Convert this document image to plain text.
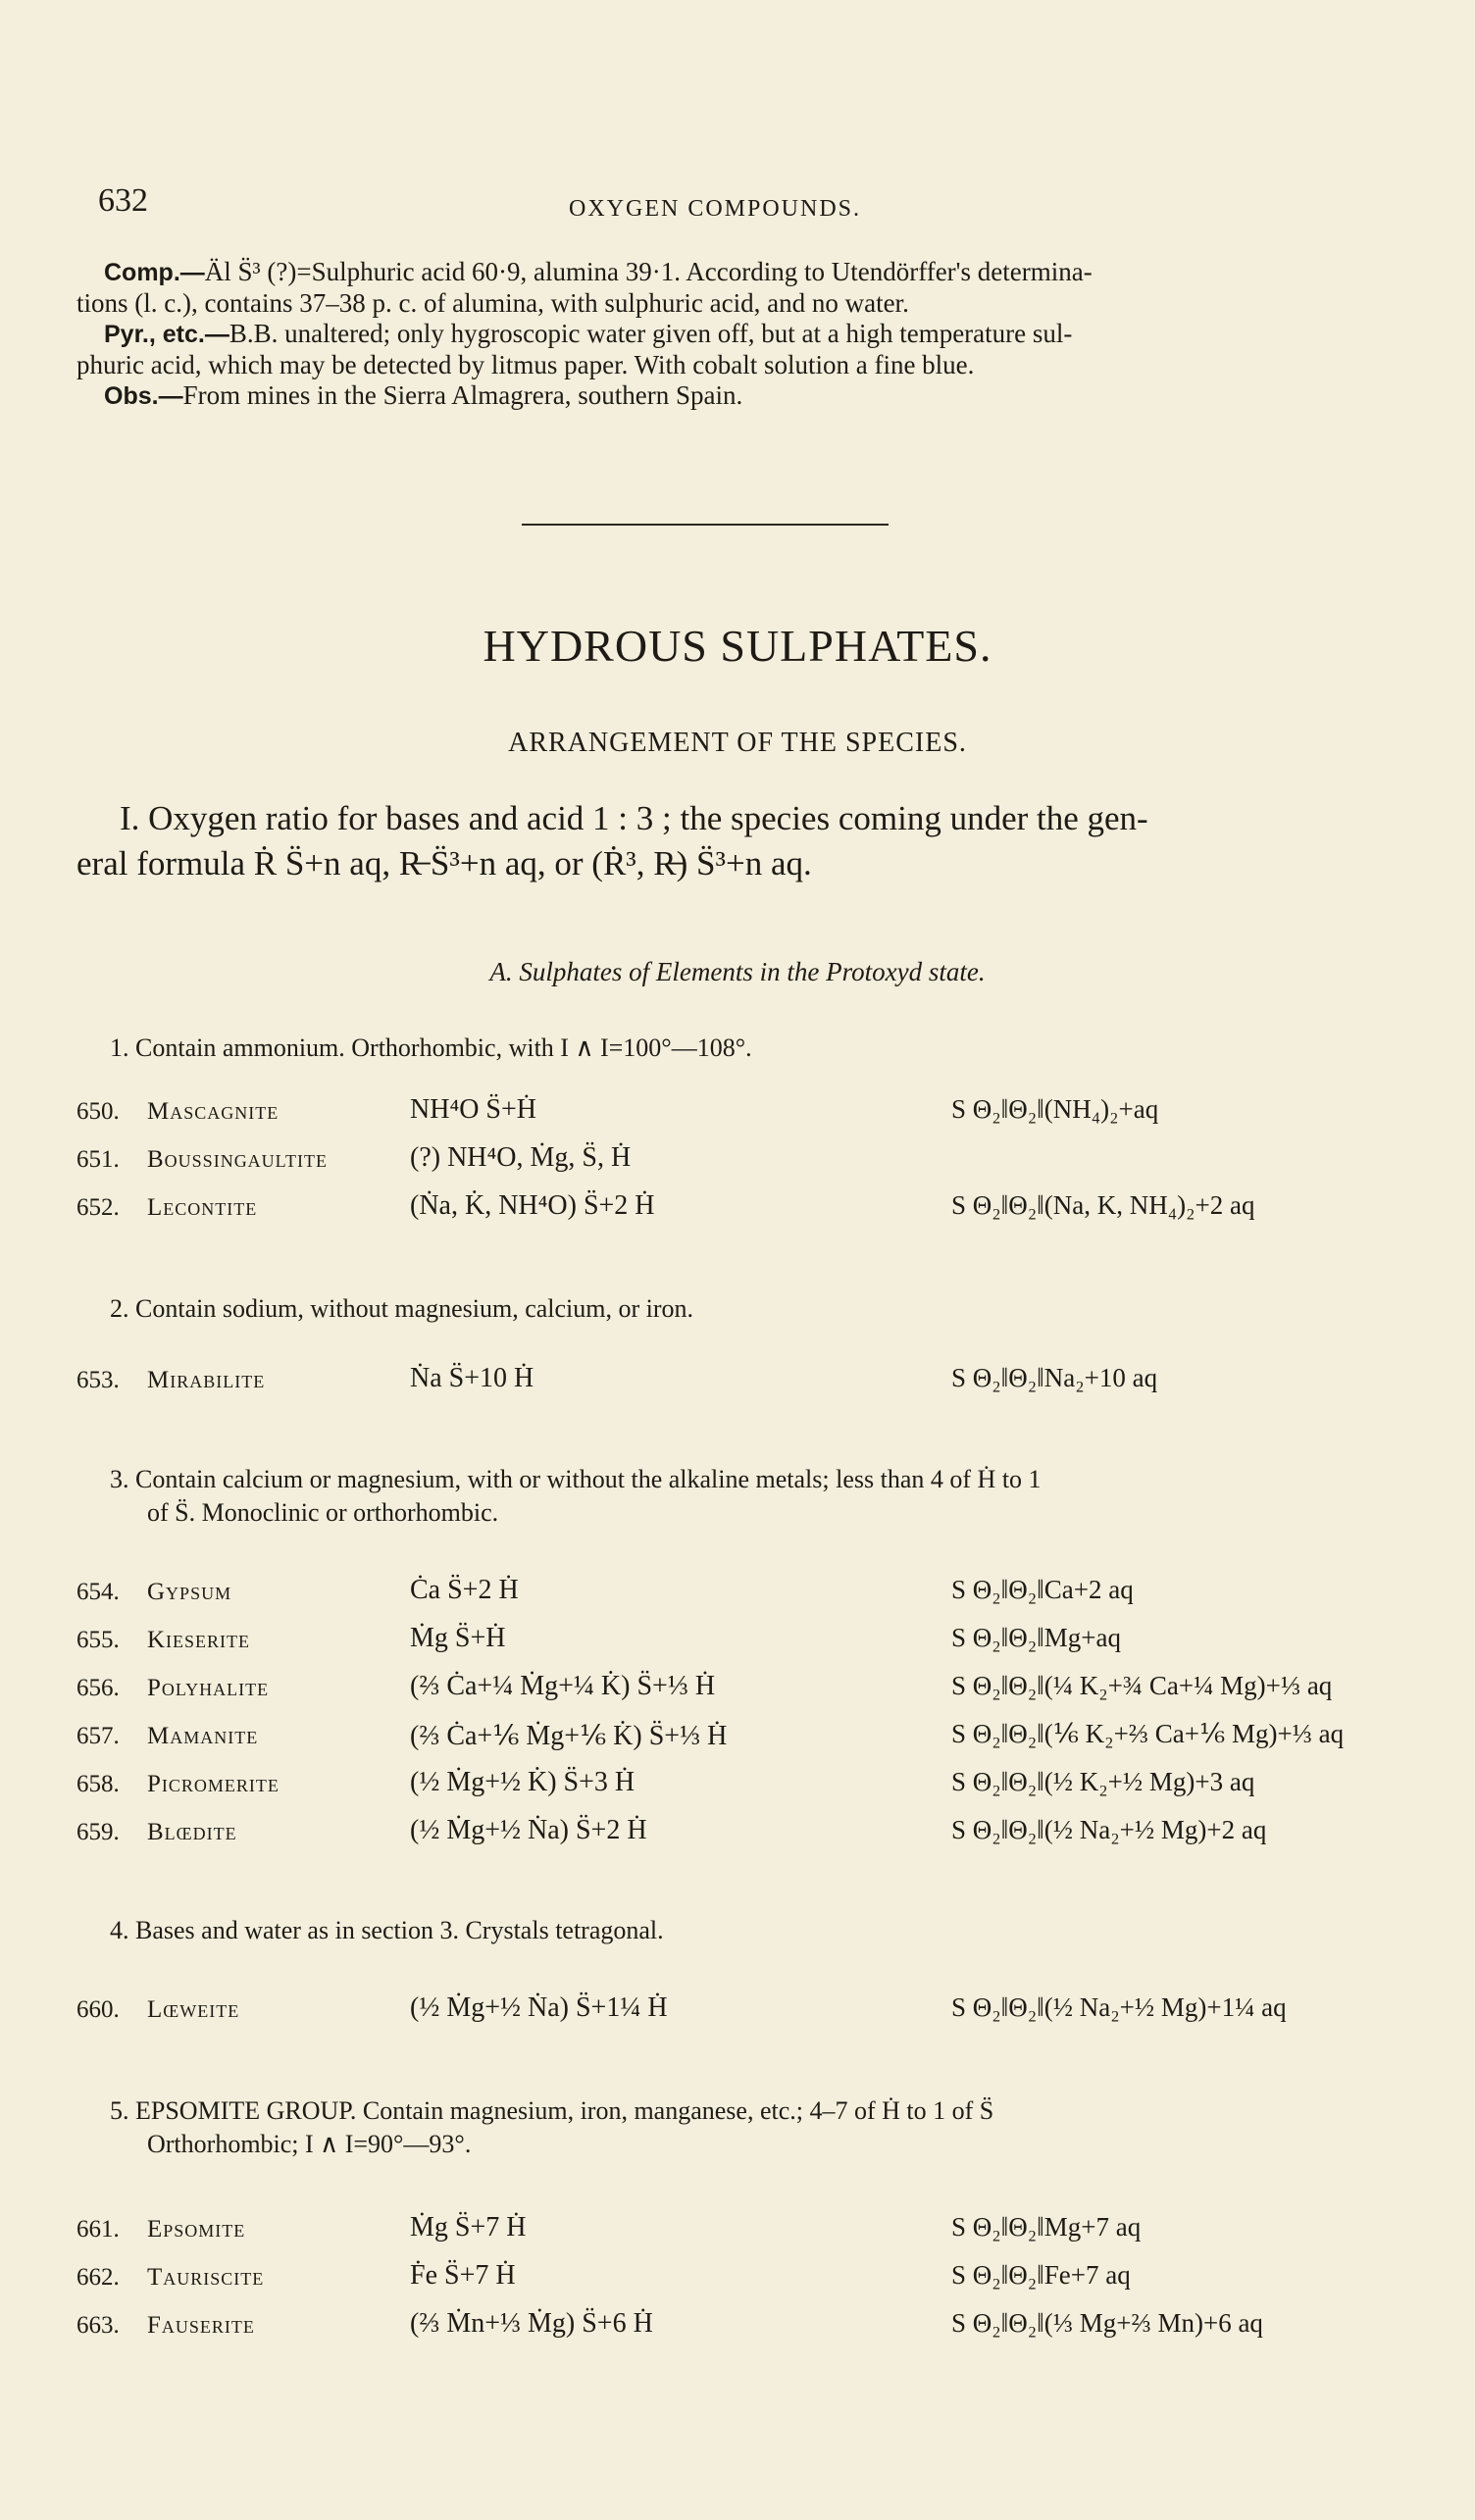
632	OXYGEN COMPOUNDS.

Comp.—Äl S̈³ (?)=Sulphuric acid 60·9, alumina 39·1. According to Utendörffer's determina-

tions (l. c.), contains 37–38 p. c. of alumina, with sulphuric acid, and no water.

Pyr., etc.—B.B. unaltered; only hygroscopic water given off, but at a high temperature sul-

phuric acid, which may be detected by litmus paper. With cobalt solution a fine blue.

Obs.—From mines in the Sierra Almagrera, southern Spain.

HYDROUS SULPHATES.
ARRANGEMENT OF THE SPECIES.

I. Oxygen ratio for bases and acid 1 : 3 ; the species coming under the gen-

eral formula Ṙ S̈+n aq, R̶ S̈³+n aq, or (Ṙ³, R̶) S̈³+n aq.

A. Sulphates of Elements in the Protoxyd state.
1. Contain ammonium. Orthorhombic, with I ∧ I=100°—108°.
650. Mascagnite	NH⁴O S̈+Ḣ	S Θ₂‖Θ₂‖(NH₄)₂+aq
651. Boussingaultite	(?) NH⁴O, Ṁg, S̈, Ḣ
652. Lecontite	(Ṅa, K̇, NH⁴O) S̈+2 Ḣ	S Θ₂‖Θ₂‖(Na, K, NH₄)₂+2 aq
2. Contain sodium, without magnesium, calcium, or iron.
653. Mirabilite	Ṅa S̈+10 Ḣ	S Θ₂‖Θ₂‖Na₂+10 aq
3. Contain calcium or magnesium, with or without the alkaline metals; less than 4 of Ḣ to 1
of S̈. Monoclinic or orthorhombic.
654. Gypsum	Ċa S̈+2 Ḣ	S Θ₂‖Θ₂‖Ca+2 aq
655. Kieserite	Ṁg S̈+Ḣ	S Θ₂‖Θ₂‖Mg+aq
656. Polyhalite	(⅔ Ċa+¼ Ṁg+¼ K̇) S̈+⅓ Ḣ	S Θ₂‖Θ₂‖(¼ K₂+¾ Ca+¼ Mg)+⅓ aq
657. Mamanite	(⅔ Ċa+⅙ Ṁg+⅙ K̇) S̈+⅓ Ḣ	S Θ₂‖Θ₂‖(⅙ K₂+⅔ Ca+⅙ Mg)+⅓ aq
658. Picromerite	(½ Ṁg+½ K̇) S̈+3 Ḣ	S Θ₂‖Θ₂‖(½ K₂+½ Mg)+3 aq
659. Blœdite	(½ Ṁg+½ Ṅa) S̈+2 Ḣ	S Θ₂‖Θ₂‖(½ Na₂+½ Mg)+2 aq
4. Bases and water as in section 3. Crystals tetragonal.
660. Lœweite	(½ Ṁg+½ Ṅa) S̈+1¼ Ḣ	S Θ₂‖Θ₂‖(½ Na₂+½ Mg)+1¼ aq
5. EPSOMITE GROUP. Contain magnesium, iron, manganese, etc.; 4–7 of Ḣ to 1 of S̈
Orthorhombic; I ∧ I=90°—93°.
661. Epsomite	Ṁg S̈+7 Ḣ	S Θ₂‖Θ₂‖Mg+7 aq
662. Tauriscite	Ḟe S̈+7 Ḣ	S Θ₂‖Θ₂‖Fe+7 aq
663. Fauserite	(⅔ Ṁn+⅓ Ṁg) S̈+6 Ḣ	S Θ₂‖Θ₂‖(⅓ Mg+⅔ Mn)+6 aq
